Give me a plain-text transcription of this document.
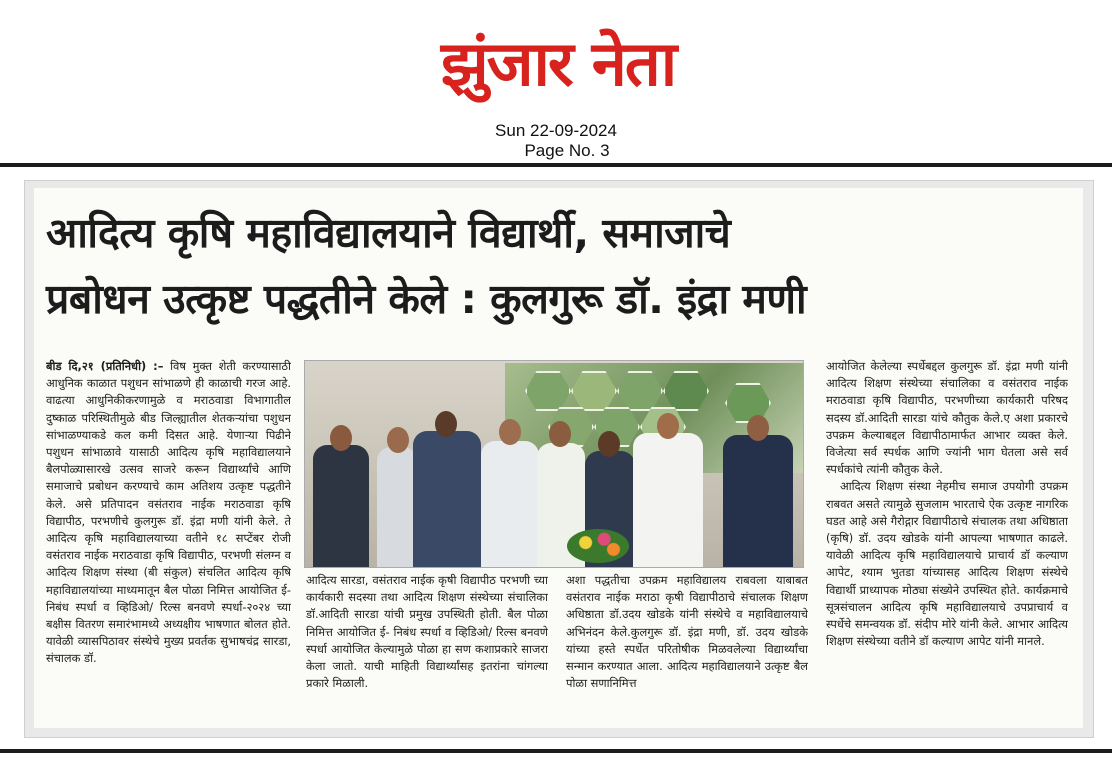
झुंजार नेता
Sun 22-09-2024
Page No. 3
आदित्य कृषि महाविद्यालयाने विद्यार्थी, समाजाचे
प्रबोधन उत्कृष्ट पद्धतीने केले : कुलगुरू डॉ. इंद्रा मणी
बीड दि,२१ (प्रतिनिधी) :– विष मुक्त शेती करण्यासाठी आधुनिक काळात पशुधन सांभाळणे ही काळाची गरज आहे. वाढत्या आधुनिकीकरणामुळे व मराठवाडा विभागातील दुष्काळ परिस्थितीमुळे बीड जिल्ह्यातील शेतकऱ्यांचा पशुधन सांभाळण्याकडे कल कमी दिसत आहे. येणाऱ्या पिढीने पशुधन सांभाळावे यासाठी आदित्य कृषि महाविद्यालयाने बैलपोळ्यासारखे उत्सव साजरे करून विद्यार्थ्यांचे आणि समाजाचे प्रबोधन करण्याचे काम अतिशय उत्कृष्ट पद्धतीने केले. असे प्रतिपादन वसंतराव नाईक मराठवाडा कृषि विद्यापीठ, परभणीचे कुलगुरू डॉ. इंद्रा मणी यांनी केले. ते आदित्य कृषि महाविद्यालयाच्या वतीने १८ सप्टेंबर रोजी वसंतराव नाईक मराठवाडा कृषि विद्यापीठ, परभणी संलग्न व आदित्य शिक्षण संस्था (बी संकुल) संचलित आदित्य कृषि महाविद्यालयांच्या माध्यमातून बैल पोळा निमित्त आयोजित ई- निबंध स्पर्धा व व्हिडिओ/ रिल्स बनवणे स्पर्धा-२०२४ च्या बक्षीस वितरण समारंभामध्ये अध्यक्षीय भाषणात बोलत होते. यावेळी व्यासपिठावर संस्थेचे मुख्य प्रवर्तक सुभाषचंद्र सारडा, संचालक डॉ.
आदित्य सारडा, वसंतराव नाईक कृषी विद्यापीठ परभणी च्या कार्यकारी सदस्या तथा आदित्य शिक्षण संस्थेच्या संचालिका डॉ.आदिती सारडा यांची प्रमुख उपस्थिती होती. बैल पोळा निमित्त आयोजित ई- निबंध स्पर्धा व व्हिडिओ/ रिल्स बनवणे स्पर्धा आयोजित केल्यामुळे पोळा हा सण कशाप्रकारे साजरा केला जातो. याची माहिती विद्यार्थ्यांसह इतरांना चांगल्या प्रकारे मिळाली.
अशा पद्धतीचा उपक्रम महाविद्यालय राबवला याबाबत वसंतराव नाईक मराठा कृषी विद्यापीठाचे संचालक शिक्षण अधिष्ठाता डॉ.उदय खोडके यांनी संस्थेचे व महाविद्यालयाचे अभिनंदन केले.कुलगुरू डॉ. इंद्रा मणी, डॉ. उदय खोडके यांच्या हस्ते स्पर्धेत परितोषीक मिळवलेल्या विद्यार्थ्यांचा सन्मान करण्यात आला. आदित्य महाविद्यालयाने उत्कृष्ट बैल पोळा सणानिमित्त
आयोजित केलेल्या स्पर्धेबद्दल कुलगुरू डॉ. इंद्रा मणी यांनी आदित्य शिक्षण संस्थेच्या संचालिका व वसंतराव नाईक मराठवाडा कृषि विद्यापीठ, परभणीच्या कार्यकारी परिषद सदस्य डॉ.आदिती सारडा यांचे कौतुक केले.ए अशा प्रकारचे उपक्रम केल्याबद्दल विद्यापीठामार्फत आभार व्यक्त केले. विजेत्या सर्व स्पर्धक आणि ज्यांनी भाग घेतला असे सर्व स्पर्धकांचे त्यांनी कौतुक केले.
आदित्य शिक्षण संस्था नेहमीच समाज उपयोगी उपक्रम राबवत असते त्यामुळे सुजलाम भारताचे ऐक उत्कृष्ट नागरिक घडत आहे असे गैरोद्गार विद्यापीठाचे संचालक तथा अधिष्ठाता (कृषि) डॉ. उदय खोडके यांनी आपल्या भाषणात काढले. यावेळी आदित्य कृषि महाविद्यालयाचे प्राचार्य डॉ कल्याण आपेट, श्याम भुतडा यांच्यासह आदित्य शिक्षण संस्थेचे विद्यार्थी प्राध्यापक मोठ्या संख्येने उपस्थित होते. कार्यक्रमाचे सूत्रसंचालन आदित्य कृषि महाविद्यालयाचे उपप्राचार्य व स्पर्धेचे समन्वयक डॉ. संदीप मोरे यांनी केले. आभार आदित्य शिक्षण संस्थेच्या वतीने डॉ कल्याण आपेट यांनी मानले.
